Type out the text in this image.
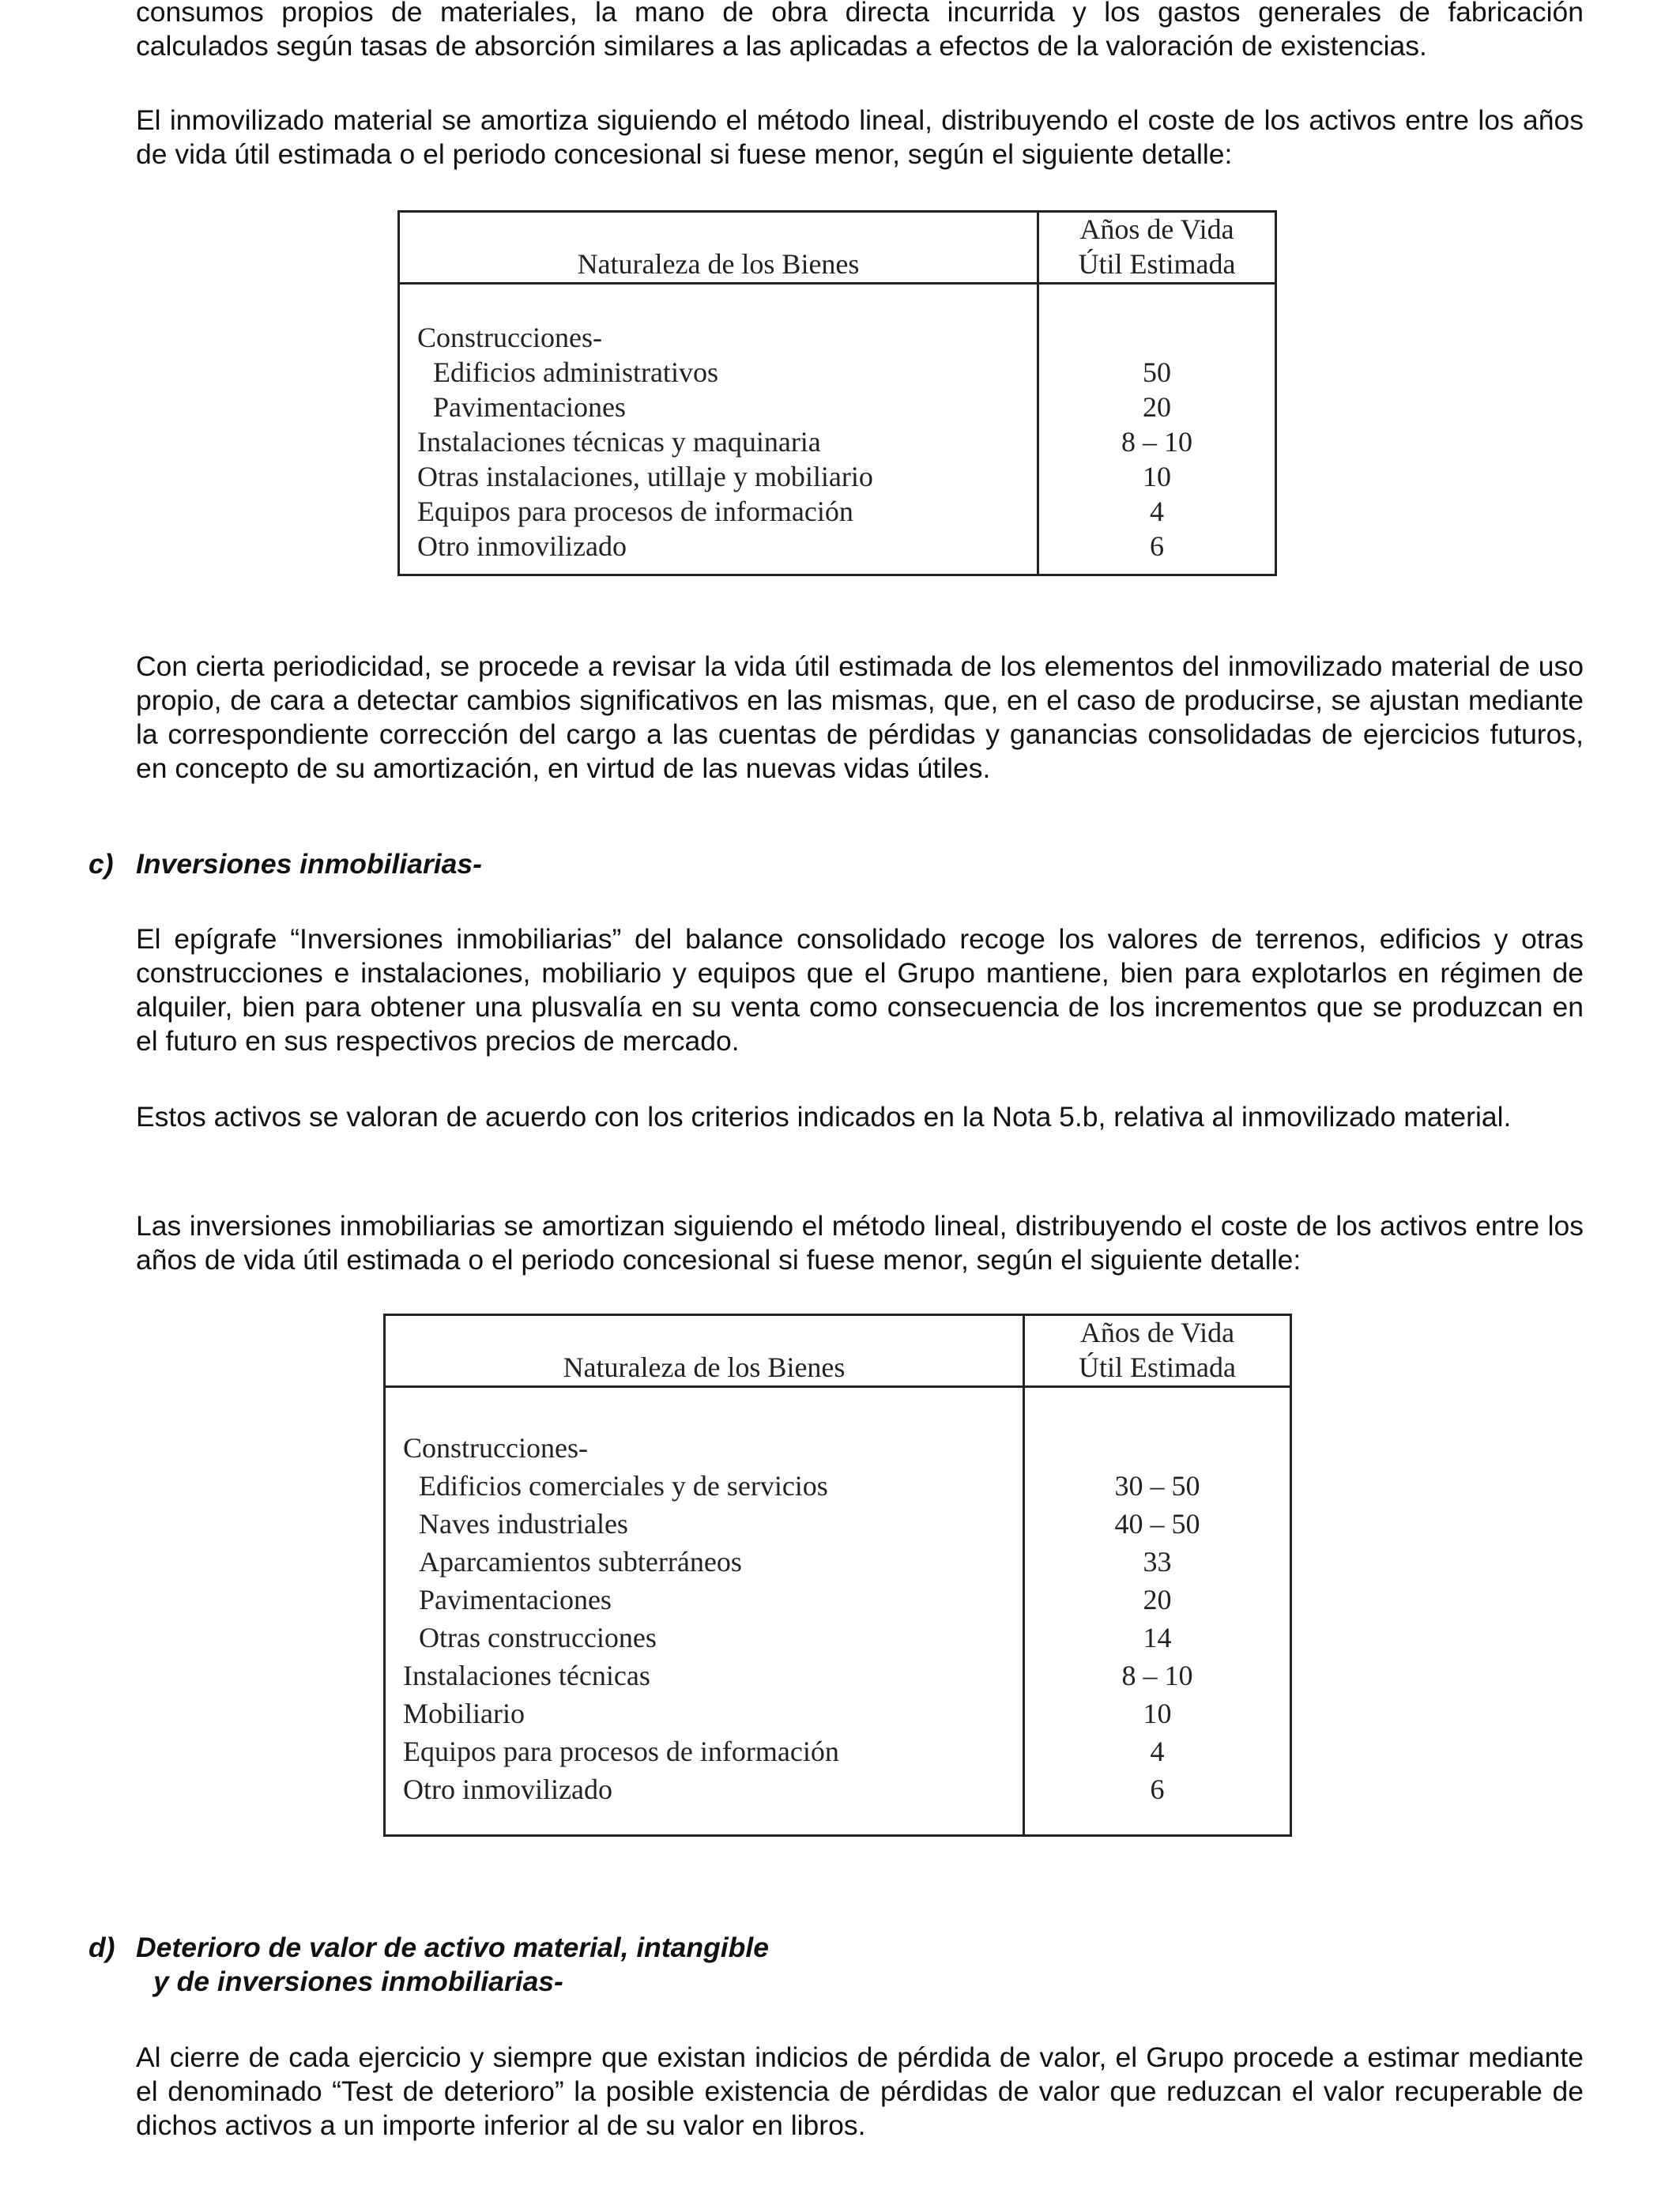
consumos propios de materiales, la mano de obra directa incurrida y los gastos generales de fabricación

calculados según tasas de absorción similares a las aplicadas a efectos de la valoración de existencias.

El inmovilizado material se amortiza siguiendo el método lineal, distribuyendo el coste de los activos entre los años de vida útil estimada o el periodo concesional si fuese menor, según el siguiente detalle:

Naturaleza de los Bienes
Años de Vida
Útil Estimada
Construcciones-
Edificios administrativos	50
Pavimentaciones	20
Instalaciones técnicas y maquinaria	8 – 10
Otras instalaciones, utillaje y mobiliario	10
Equipos para procesos de información	4
Otro inmovilizado	6

Con cierta periodicidad, se procede a revisar la vida útil estimada de los elementos del inmovilizado material de uso propio, de cara a detectar cambios significativos en las mismas, que, en el caso de producirse, se ajustan mediante la correspondiente corrección del cargo a las cuentas de pérdidas y ganancias consolidadas de ejercicios futuros, en concepto de su amortización, en virtud de las nuevas vidas útiles.

c) Inversiones inmobiliarias-

El epígrafe “Inversiones inmobiliarias” del balance consolidado recoge los valores de terrenos, edificios y otras construcciones e instalaciones, mobiliario y equipos que el Grupo mantiene, bien para explotarlos en régimen de alquiler, bien para obtener una plusvalía en su venta como consecuencia de los incrementos que se produzcan en el futuro en sus respectivos precios de mercado.

Estos activos se valoran de acuerdo con los criterios indicados en la Nota 5.b, relativa al inmovilizado material.

Las inversiones inmobiliarias se amortizan siguiendo el método lineal, distribuyendo el coste de los activos entre los años de vida útil estimada o el periodo concesional si fuese menor, según el siguiente detalle:

Naturaleza de los Bienes
Años de Vida
Útil Estimada
Construcciones-
Edificios comerciales y de servicios	30 – 50
Naves industriales	40 – 50
Aparcamientos subterráneos	33
Pavimentaciones	20
Otras construcciones	14
Instalaciones técnicas	8 – 10
Mobiliario	10
Equipos para procesos de información	4
Otro inmovilizado	6
d) Deterioro de valor de activo material, intangible
y de inversiones inmobiliarias-

Al cierre de cada ejercicio y siempre que existan indicios de pérdida de valor, el Grupo procede a estimar mediante el denominado “Test de deterioro” la posible existencia de pérdidas de valor que reduzcan el valor recuperable de dichos activos a un importe inferior al de su valor en libros.
